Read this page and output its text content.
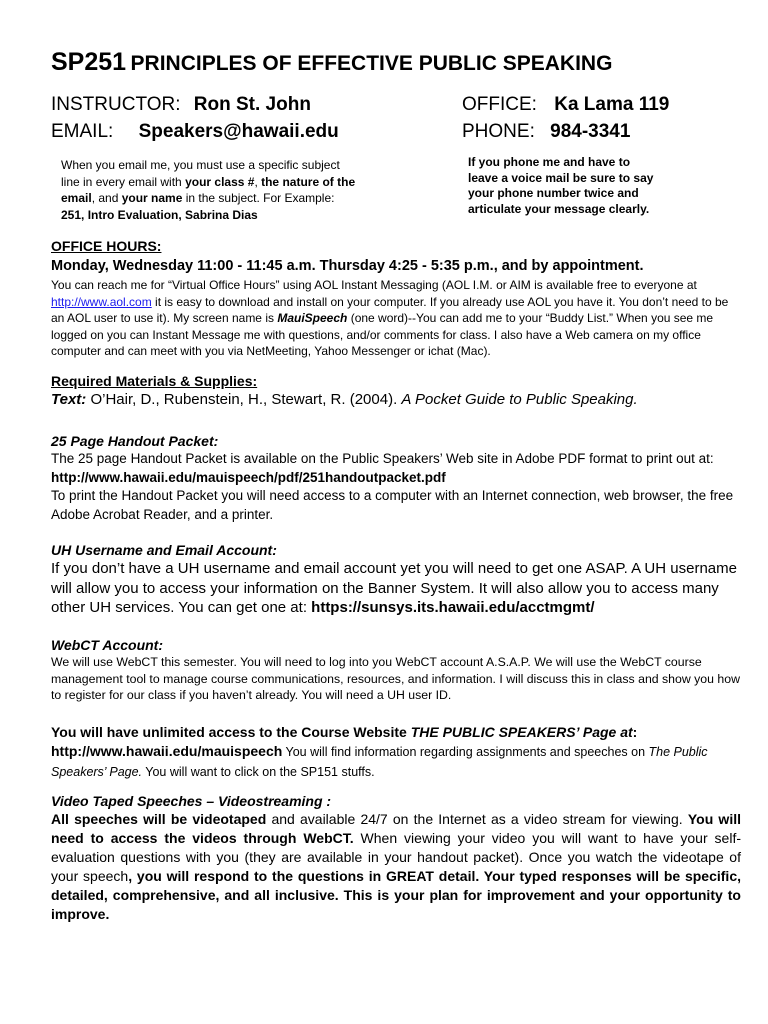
SP251 PRINCIPLES OF EFFECTIVE PUBLIC SPEAKING
INSTRUCTOR: Ron St. John
EMAIL: Speakers@hawaii.edu
OFFICE: Ka Lama 119
PHONE: 984-3341
When you email me, you must use a specific subject line in every email with your class #, the nature of the email, and your name in the subject. For Example: 251, Intro Evaluation, Sabrina Dias
If you phone me and have to leave a voice mail be sure to say your phone number twice and articulate your message clearly.
OFFICE HOURS:
Monday, Wednesday 11:00 - 11:45 a.m. Thursday 4:25 - 5:35 p.m., and by appointment.
You can reach me for “Virtual Office Hours” using AOL Instant Messaging (AOL I.M. or AIM is available free to everyone at http://www.aol.com it is easy to download and install on your computer. If you already use AOL you have it. You don’t need to be an AOL user to use it). My screen name is MauiSpeech (one word)--You can add me to your “Buddy List.” When you see me logged on you can Instant Message me with questions, and/or comments for class. I also have a Web camera on my office computer and can meet with you via NetMeeting, Yahoo Messenger or ichat (Mac).
Required Materials & Supplies:
Text: O’Hair, D., Rubenstein, H., Stewart, R. (2004). A Pocket Guide to Public Speaking.
25 Page Handout Packet:
The 25 page Handout Packet is available on the Public Speakers’ Web site in Adobe PDF format to print out at:
http://www.hawaii.edu/mauispeech/pdf/251handoutpacket.pdf
To print the Handout Packet you will need access to a computer with an Internet connection, web browser, the free Adobe Acrobat Reader, and a printer.
UH Username and Email Account:
If you don’t have a UH username and email account yet you will need to get one ASAP. A UH username will allow you to access your information on the Banner System. It will also allow you to access many other UH services. You can get one at: https://sunsys.its.hawaii.edu/acctmgmt/
WebCT Account:
We will use WebCT this semester. You will need to log into you WebCT account A.S.A.P. We will use the WebCT course management tool to manage course communications, resources, and information. I will discuss this in class and show you how to register for our class if you haven’t already. You will need a UH user ID.
You will have unlimited access to the Course Website THE PUBLIC SPEAKERS’ Page at:
http://www.hawaii.edu/mauispeech You will find information regarding assignments and speeches on The Public Speakers’ Page. You will want to click on the SP151 stuffs.
Video Taped Speeches – Videostreaming :
All speeches will be videotaped and available 24/7 on the Internet as a video stream for viewing. You will need to access the videos through WebCT. When viewing your video you will want to have your self-evaluation questions with you (they are available in your handout packet). Once you watch the videotape of your speech, you will respond to the questions in GREAT detail. Your typed responses will be specific, detailed, comprehensive, and all inclusive. This is your plan for improvement and your opportunity to improve.
